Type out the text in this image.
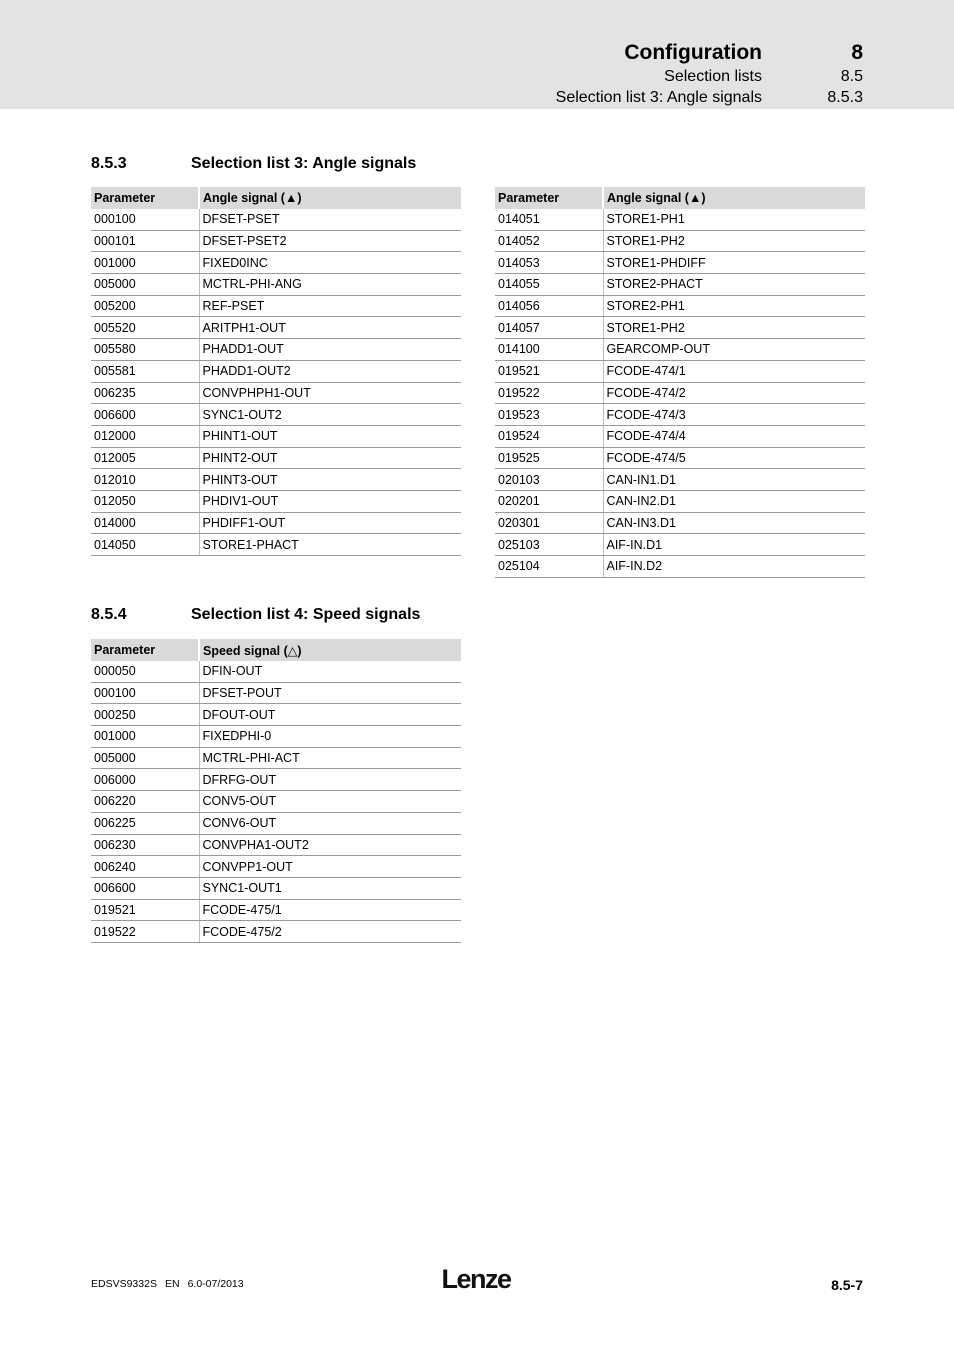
Configuration	8
Selection lists	8.5
Selection list 3: Angle signals	8.5.3
8.5.3	Selection list 3: Angle signals
Parameter	Angle signal (▲)
000100	DFSET-PSET
000101	DFSET-PSET2
001000	FIXED0INC
005000	MCTRL-PHI-ANG
005200	REF-PSET
005520	ARITPH1-OUT
005580	PHADD1-OUT
005581	PHADD1-OUT2
006235	CONVPHPH1-OUT
006600	SYNC1-OUT2
012000	PHINT1-OUT
012005	PHINT2-OUT
012010	PHINT3-OUT
012050	PHDIV1-OUT
014000	PHDIFF1-OUT
014050	STORE1-PHACT
Parameter	Angle signal (▲)
014051	STORE1-PH1
014052	STORE1-PH2
014053	STORE1-PHDIFF
014055	STORE2-PHACT
014056	STORE2-PH1
014057	STORE1-PH2
014100	GEARCOMP-OUT
019521	FCODE-474/1
019522	FCODE-474/2
019523	FCODE-474/3
019524	FCODE-474/4
019525	FCODE-474/5
020103	CAN-IN1.D1
020201	CAN-IN2.D1
020301	CAN-IN3.D1
025103	AIF-IN.D1
025104	AIF-IN.D2
8.5.4	Selection list 4: Speed signals
Parameter	Speed signal (△)
000050	DFIN-OUT
000100	DFSET-POUT
000250	DFOUT-OUT
001000	FIXEDPHI-0
005000	MCTRL-PHI-ACT
006000	DFRFG-OUT
006220	CONV5-OUT
006225	CONV6-OUT
006230	CONVPHA1-OUT2
006240	CONVPP1-OUT
006600	SYNC1-OUT1
019521	FCODE-475/1
019522	FCODE-475/2
EDSVS9332S EN 6.0-07/2013	Lenze	8.5-7
